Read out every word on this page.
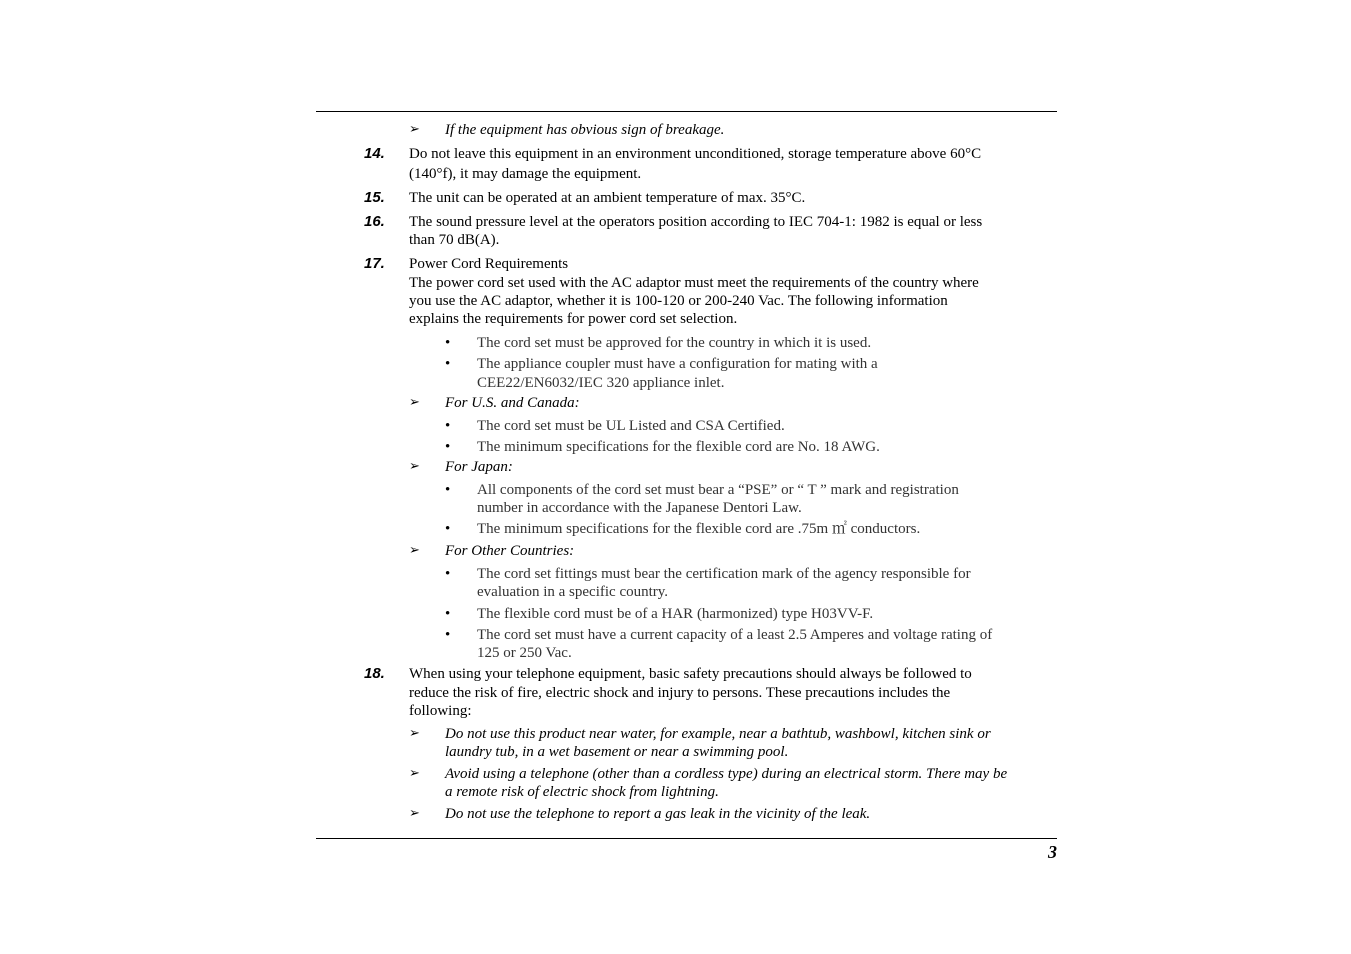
➢ If the equipment has obvious sign of breakage.
14. Do not leave this equipment in an environment unconditioned, storage temperature above 60°C
(140°f), it may damage the equipment.
15. The unit can be operated at an ambient temperature of max. 35°C.
16. The sound pressure level at the operators position according to IEC 704-1: 1982 is equal or less
than 70 dB(A).
17. Power Cord Requirements
The power cord set used with the AC adaptor must meet the requirements of the country where
you use the AC adaptor, whether it is 100-120 or 200-240 Vac. The following information
explains the requirements for power cord set selection.
• The cord set must be approved for the country in which it is used.
• The appliance coupler must have a configuration for mating with a
CEE22/EN6032/IEC 320 appliance inlet.
➢ For U.S. and Canada:
• The cord set must be UL Listed and CSA Certified.
• The minimum specifications for the flexible cord are No. 18 AWG.
➢ For Japan:
• All components of the cord set must bear a “PSE” or “ T ” mark and registration
number in accordance with the Japanese Dentori Law.
• The minimum specifications for the flexible cord are .75m ㎡ conductors.
➢ For Other Countries:
• The cord set fittings must bear the certification mark of the agency responsible for
evaluation in a specific country.
• The flexible cord must be of a HAR (harmonized) type H03VV-F.
• The cord set must have a current capacity of a least 2.5 Amperes and voltage rating of
125 or 250 Vac.
18. When using your telephone equipment, basic safety precautions should always be followed to
reduce the risk of fire, electric shock and injury to persons. These precautions includes the
following:
➢ Do not use this product near water, for example, near a bathtub, washbowl, kitchen sink or
laundry tub, in a wet basement or near a swimming pool.
➢ Avoid using a telephone (other than a cordless type) during an electrical storm. There may be
a remote risk of electric shock from lightning.
➢ Do not use the telephone to report a gas leak in the vicinity of the leak.
3
